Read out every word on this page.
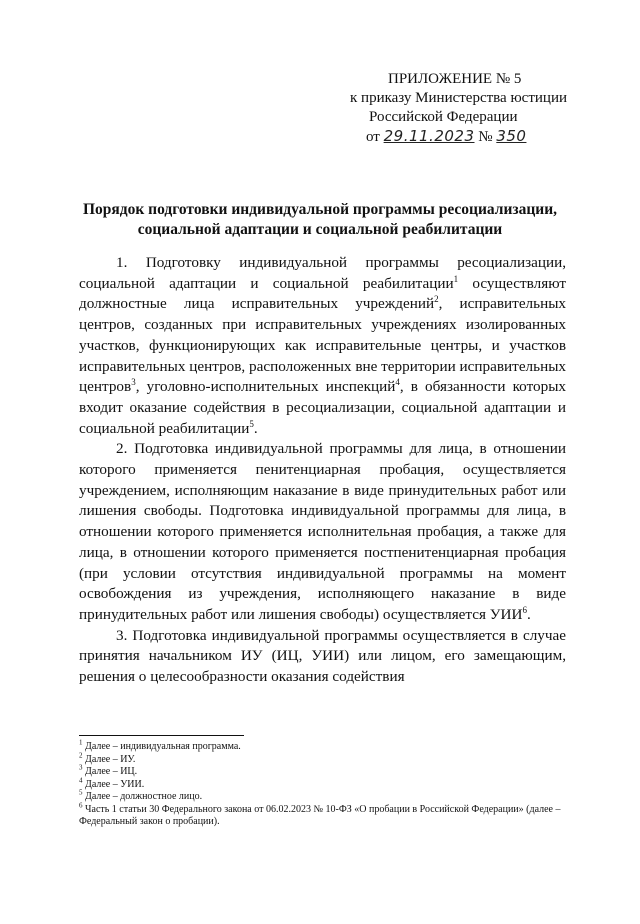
ПРИЛОЖЕНИЕ № 5
к приказу Министерства юстиции
Российской Федерации
от 29.11.2023 № 350
Порядок подготовки индивидуальной программы ресоциализации,
социальной адаптации и социальной реабилитации

1. Подготовку индивидуальной программы ресоциализации, социальной адаптации и социальной реабилитации$^1$ осуществляют должностные лица исправительных учреждений$^2$, исправительных центров, созданных при исправительных учреждениях изолированных участков, функционирующих как исправительные центры, и участков исправительных центров, расположенных вне территории исправительных центров$^3$, уголовно-исполнительных инспекций$^4$, в обязанности которых входит оказание содействия в ресоциализации, социальной адаптации и социальной реабилитации$^5$.

2. Подготовка индивидуальной программы для лица, в отношении которого применяется пенитенциарная пробация, осуществляется учреждением, исполняющим наказание в виде принудительных работ или лишения свободы. Подготовка индивидуальной программы для лица, в отношении которого применяется исполнительная пробация, а также для лица, в отношении которого применяется постпенитенциарная пробация (при условии отсутствия индивидуальной программы на момент освобождения из учреждения, исполняющего наказание в виде принудительных работ или лишения свободы) осуществляется УИИ$^6$.

3. Подготовка индивидуальной программы осуществляется в случае принятия начальником ИУ (ИЦ, УИИ) или лицом, его замещающим, решения о целесообразности оказания содействия

$^1$ Далее – индивидуальная программа.
$^2$ Далее – ИУ.
$^3$ Далее – ИЦ.
$^4$ Далее – УИИ.
$^5$ Далее – должностное лицо.
$^6$ Часть 1 статьи 30 Федерального закона от 06.02.2023 № 10-ФЗ «О пробации в Российской Федерации» (далее – Федеральный закон о пробации).
